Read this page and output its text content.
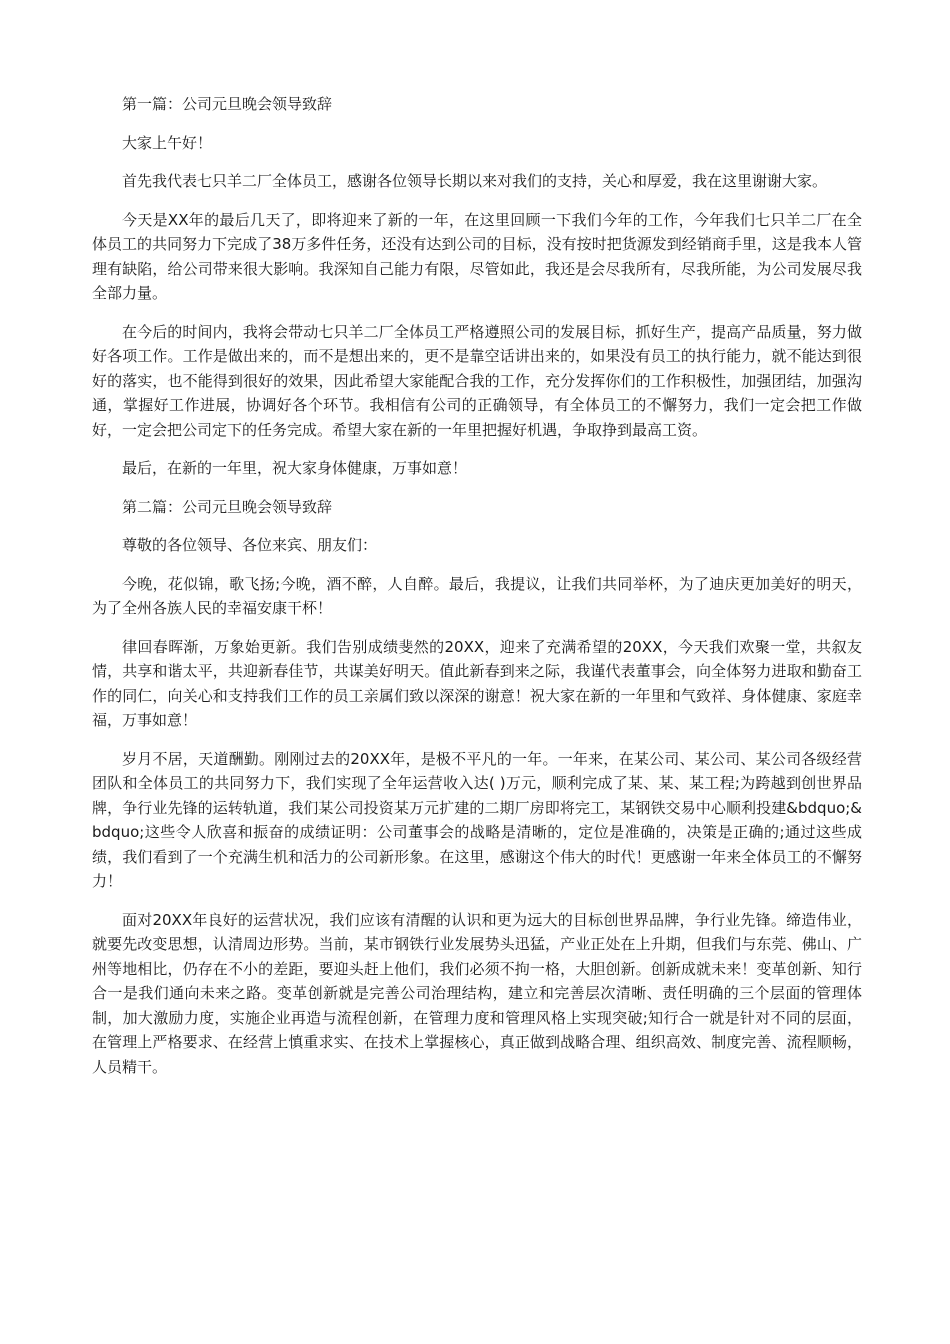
第一篇：公司元旦晚会领导致辞

大家上午好！

首先我代表七只羊二厂全体员工，感谢各位领导长期以来对我们的支持，关心和厚爱，我在这里谢谢大家。

今天是XX年的最后几天了，即将迎来了新的一年，在这里回顾一下我们今年的工作，今年我们七只羊二厂在全体员工的共同努力下完成了38万多件任务，还没有达到公司的目标，没有按时把货源发到经销商手里，这是我本人管理有缺陷，给公司带来很大影响。我深知自己能力有限，尽管如此，我还是会尽我所有，尽我所能，为公司发展尽我全部力量。

在今后的时间内，我将会带动七只羊二厂全体员工严格遵照公司的发展目标，抓好生产，提高产品质量，努力做好各项工作。工作是做出来的，而不是想出来的，更不是靠空话讲出来的，如果没有员工的执行能力，就不能达到很好的落实，也不能得到很好的效果，因此希望大家能配合我的工作，充分发挥你们的工作积极性，加强团结，加强沟通，掌握好工作进展，协调好各个环节。我相信有公司的正确领导，有全体员工的不懈努力，我们一定会把工作做好，一定会把公司定下的任务完成。希望大家在新的一年里把握好机遇，争取挣到最高工资。

最后，在新的一年里，祝大家身体健康，万事如意！

第二篇：公司元旦晚会领导致辞

尊敬的各位领导、各位来宾、朋友们：

今晚，花似锦，歌飞扬;今晚，酒不醉，人自醉。最后，我提议，让我们共同举杯，为了迪庆更加美好的明天，为了全州各族人民的幸福安康干杯！

律回春晖渐，万象始更新。我们告别成绩斐然的20XX，迎来了充满希望的20XX，今天我们欢聚一堂，共叙友情，共享和谐太平，共迎新春佳节，共谋美好明天。值此新春到来之际，我谨代表董事会，向全体努力进取和勤奋工作的同仁，向关心和支持我们工作的员工亲属们致以深深的谢意！祝大家在新的一年里和气致祥、身体健康、家庭幸福，万事如意！

岁月不居，天道酬勤。刚刚过去的20XX年，是极不平凡的一年。一年来，在某公司、某公司、某公司各级经营团队和全体员工的共同努力下，我们实现了全年运营收入达( )万元，顺利完成了某、某、某工程;为跨越到创世界品牌，争行业先锋的运转轨道，我们某公司投资某万元扩建的二期厂房即将完工，某钢铁交易中心顺利投建&bdquo;&bdquo;这些令人欣喜和振奋的成绩证明：公司董事会的战略是清晰的，定位是准确的，决策是正确的;通过这些成绩，我们看到了一个充满生机和活力的公司新形象。在这里，感谢这个伟大的时代！更感谢一年来全体员工的不懈努力！

面对20XX年良好的运营状况，我们应该有清醒的认识和更为远大的目标创世界品牌，争行业先锋。缔造伟业，就要先改变思想，认清周边形势。当前，某市钢铁行业发展势头迅猛，产业正处在上升期，但我们与东莞、佛山、广州等地相比，仍存在不小的差距，要迎头赶上他们，我们必须不拘一格，大胆创新。创新成就未来！变革创新、知行合一是我们通向未来之路。变革创新就是完善公司治理结构，建立和完善层次清晰、责任明确的三个层面的管理体制，加大激励力度，实施企业再造与流程创新，在管理力度和管理风格上实现突破;知行合一就是针对不同的层面，在管理上严格要求、在经营上慎重求实、在技术上掌握核心，真正做到战略合理、组织高效、制度完善、流程顺畅，人员精干。
